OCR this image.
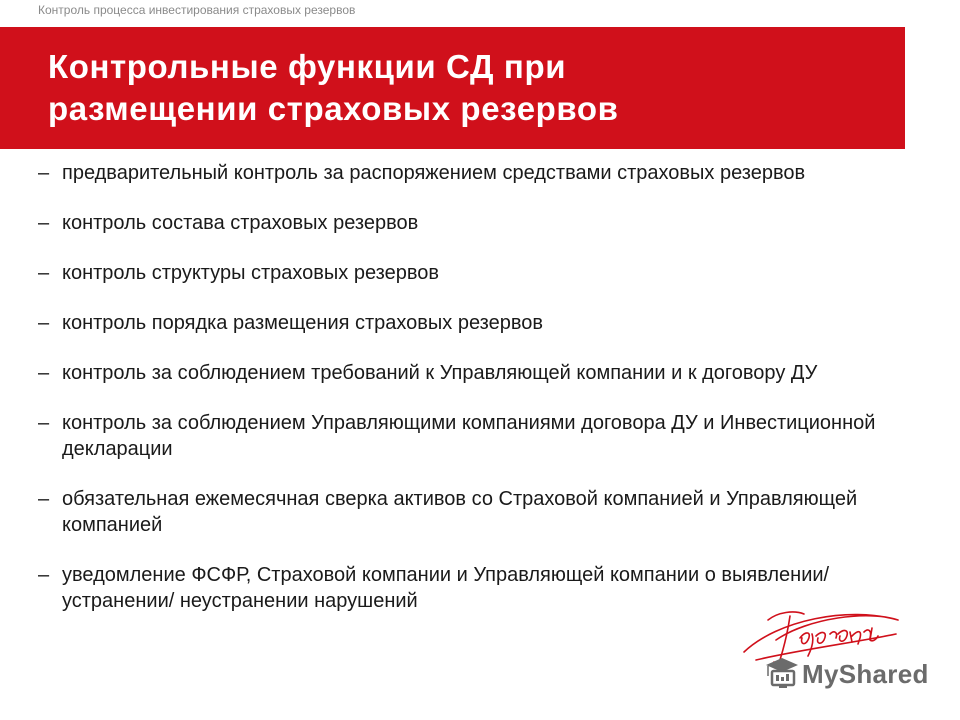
Контроль процесса инвестирования страховых резервов
Контрольные функции СД при
размещении страховых резервов
– предварительный контроль за распоряжением средствами страховых резервов
– контроль состава страховых резервов
– контроль структуры страховых резервов
– контроль порядка размещения страховых резервов
– контроль за соблюдением требований к Управляющей компании и к договору ДУ
– контроль за соблюдением Управляющими компаниями договора ДУ и Инвестиционной декларации
– обязательная ежемесячная сверка активов со Страховой компанией и Управляющей компанией
– уведомление ФСФР, Страховой компании и Управляющей компании о выявлении/ устранении/ неустранении нарушений
MyShared
